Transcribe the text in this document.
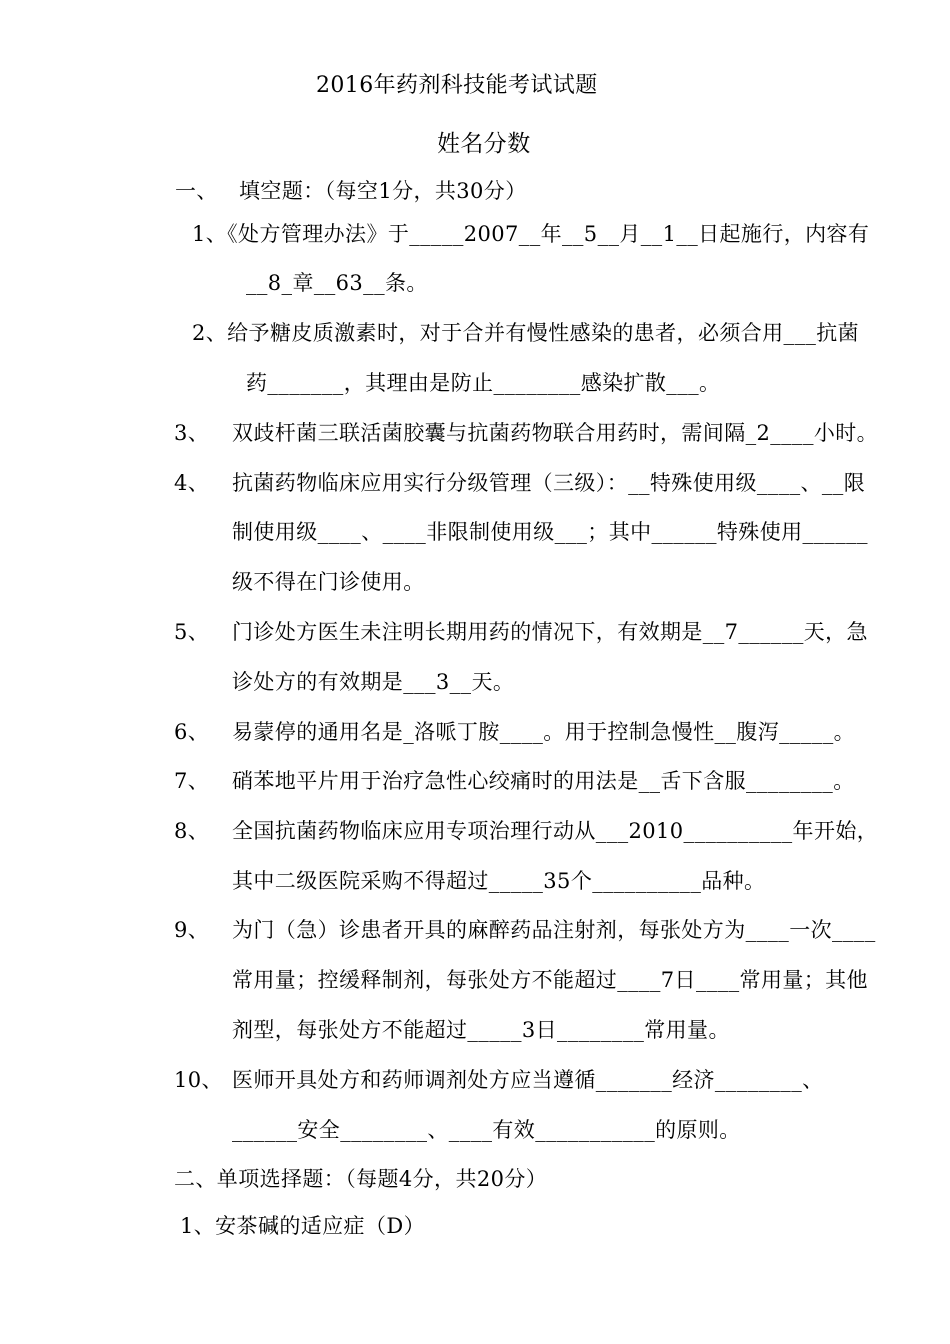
2016年药剂科技能考试试题
姓名分数
一、   填空题：（每空1分，共30分）
1、《处方管理办法》于_____2007__年__5__月__1__日起施行，内容有
__8_章__63__条。
2、给予糖皮质激素时，对于合并有慢性感染的患者，必须合用___抗菌
药_______，其理由是防止________感染扩散___。
3、 双歧杆菌三联活菌胶囊与抗菌药物联合用药时，需间隔_2____小时。
4、 抗菌药物临床应用实行分级管理（三级）：__特殊使用级____、__限
制使用级____、____非限制使用级___；其中______特殊使用______
级不得在门诊使用。
5、 门诊处方医生未注明长期用药的情况下，有效期是__7______天，急
诊处方的有效期是___3__天。
6、 易蒙停的通用名是_洛哌丁胺____。用于控制急慢性__腹泻_____。
7、 硝苯地平片用于治疗急性心绞痛时的用法是__舌下含服________。
8、 全国抗菌药物临床应用专项治理行动从___2010__________年开始，
其中二级医院采购不得超过_____35个__________品种。
9、 为门（急）诊患者开具的麻醉药品注射剂，每张处方为____一次____
常用量；控缓释制剂，每张处方不能超过____7日____常用量；其他
剂型，每张处方不能超过_____3日________常用量。
10、 医师开具处方和药师调剂处方应当遵循_______经济________、
______安全________、____有效___________的原则。
二、单项选择题：（每题4分，共20分）
1、安茶碱的适应症（D）
